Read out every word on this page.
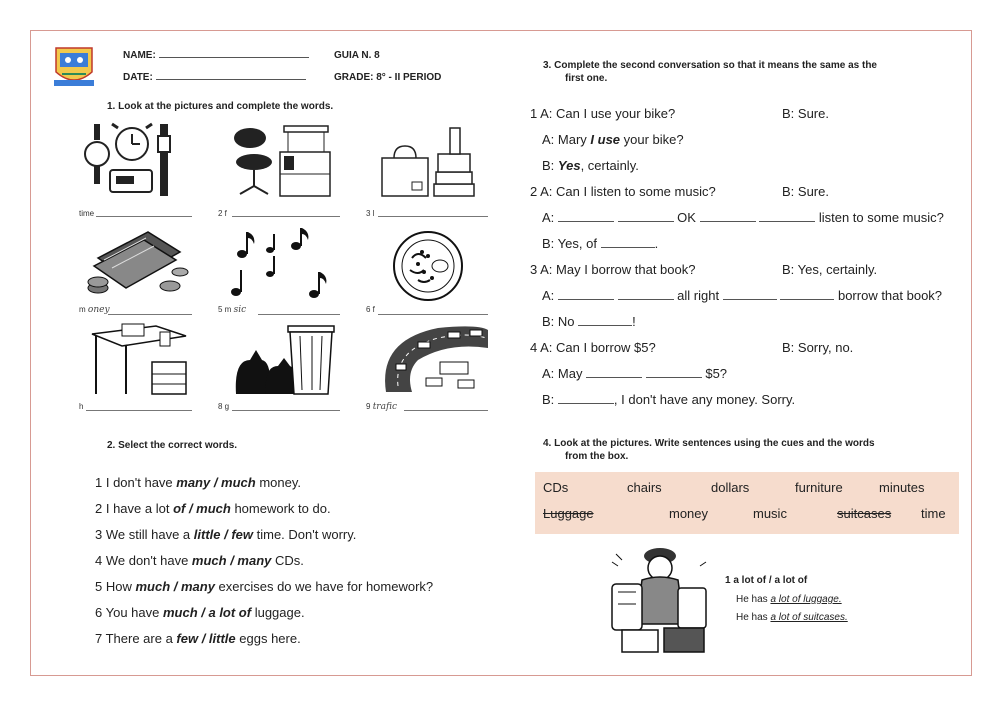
NAME:
DATE:
GUIA N. 8
GRADE: 8° - II PERIOD
1. Look at the pictures and complete the words.
time	2 f	3 l
m oney	5 m sic	6 f
h	8 g	9 trafic
2. Select the correct words.
1 I don't have many / much money.
2 I have a lot of / much homework to do.
3 We still have a little / few time. Don't worry.
4 We don't have much / many CDs.
5 How much / many exercises do we have for homework?
6 You have much / a lot of luggage.
7 There are a few / little eggs here.
3. Complete the second conversation so that it means the same as the
first one.
1 A: Can I use your bike?	B: Sure.
A: Mary I use your bike?
B: Yes, certainly.
2 A: Can I listen to some music?	B: Sure.
A:	OK	listen to some music?
B: Yes, of	.
3 A: May I borrow that book?	B: Yes, certainly.
A:	all right	borrow that book?
B: No	!
4 A: Can I borrow $5?	B: Sorry, no.
A: May	$5?
B:	, I don't have any money. Sorry.
4. Look at the pictures. Write sentences using the cues and the words
from the box.
CDs	chairs	dollars	furniture	minutes
Luggage	money	music	suitcases time
1 a lot of / a lot of
He has a lot of luggage.
He has a lot of suitcases.
